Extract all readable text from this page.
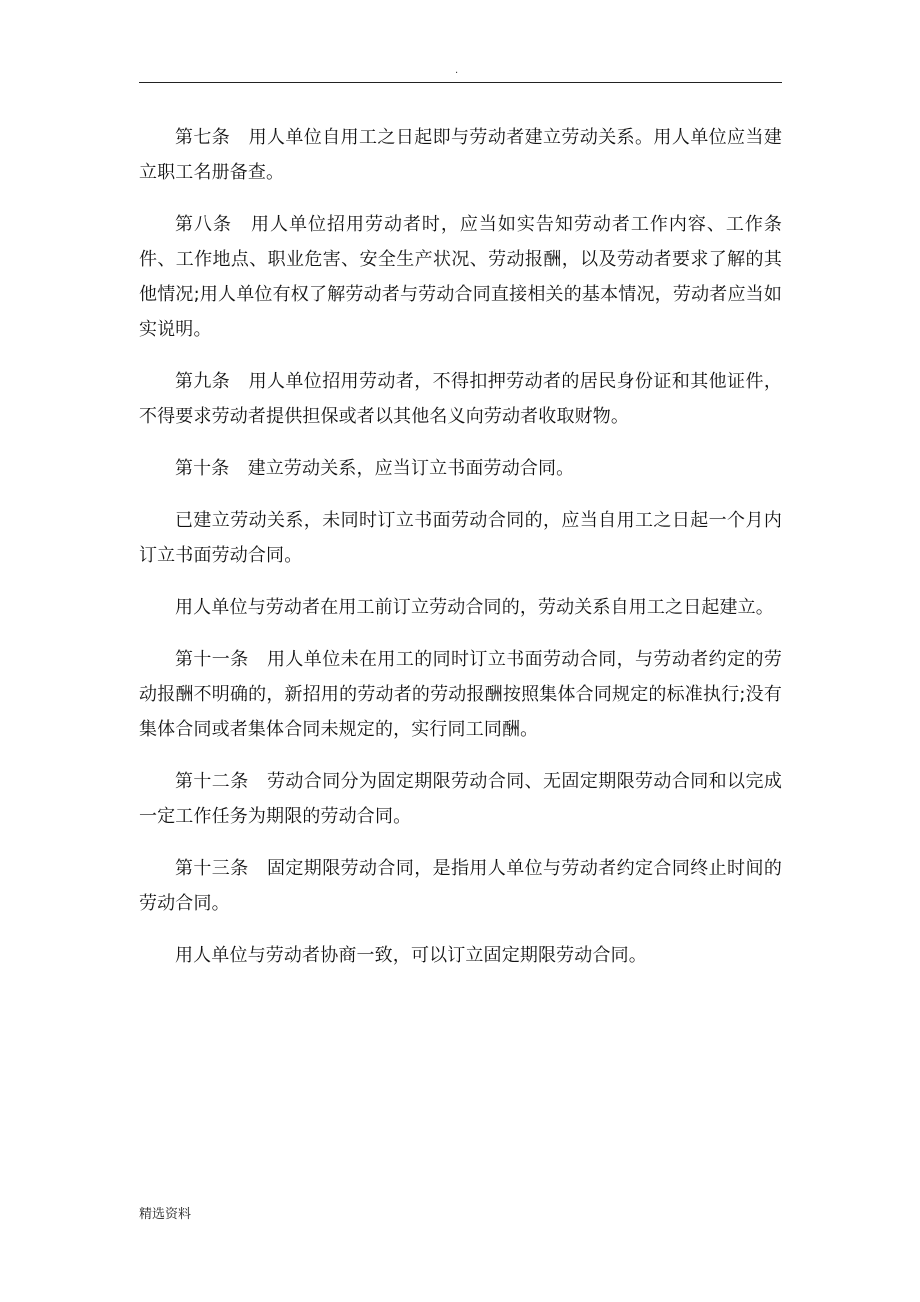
.

第七条　用人单位自用工之日起即与劳动者建立劳动关系。用人单位应当建立职工名册备查。

第八条　用人单位招用劳动者时，应当如实告知劳动者工作内容、工作条件、工作地点、职业危害、安全生产状况、劳动报酬，以及劳动者要求了解的其他情况;用人单位有权了解劳动者与劳动合同直接相关的基本情况，劳动者应当如实说明。

第九条　用人单位招用劳动者，不得扣押劳动者的居民身份证和其他证件，不得要求劳动者提供担保或者以其他名义向劳动者收取财物。

第十条　建立劳动关系，应当订立书面劳动合同。

已建立劳动关系，未同时订立书面劳动合同的，应当自用工之日起一个月内订立书面劳动合同。

用人单位与劳动者在用工前订立劳动合同的，劳动关系自用工之日起建立。

第十一条　用人单位未在用工的同时订立书面劳动合同，与劳动者约定的劳动报酬不明确的，新招用的劳动者的劳动报酬按照集体合同规定的标准执行;没有集体合同或者集体合同未规定的，实行同工同酬。

第十二条　劳动合同分为固定期限劳动合同、无固定期限劳动合同和以完成一定工作任务为期限的劳动合同。

第十三条　固定期限劳动合同，是指用人单位与劳动者约定合同终止时间的劳动合同。

用人单位与劳动者协商一致，可以订立固定期限劳动合同。

精选资料
